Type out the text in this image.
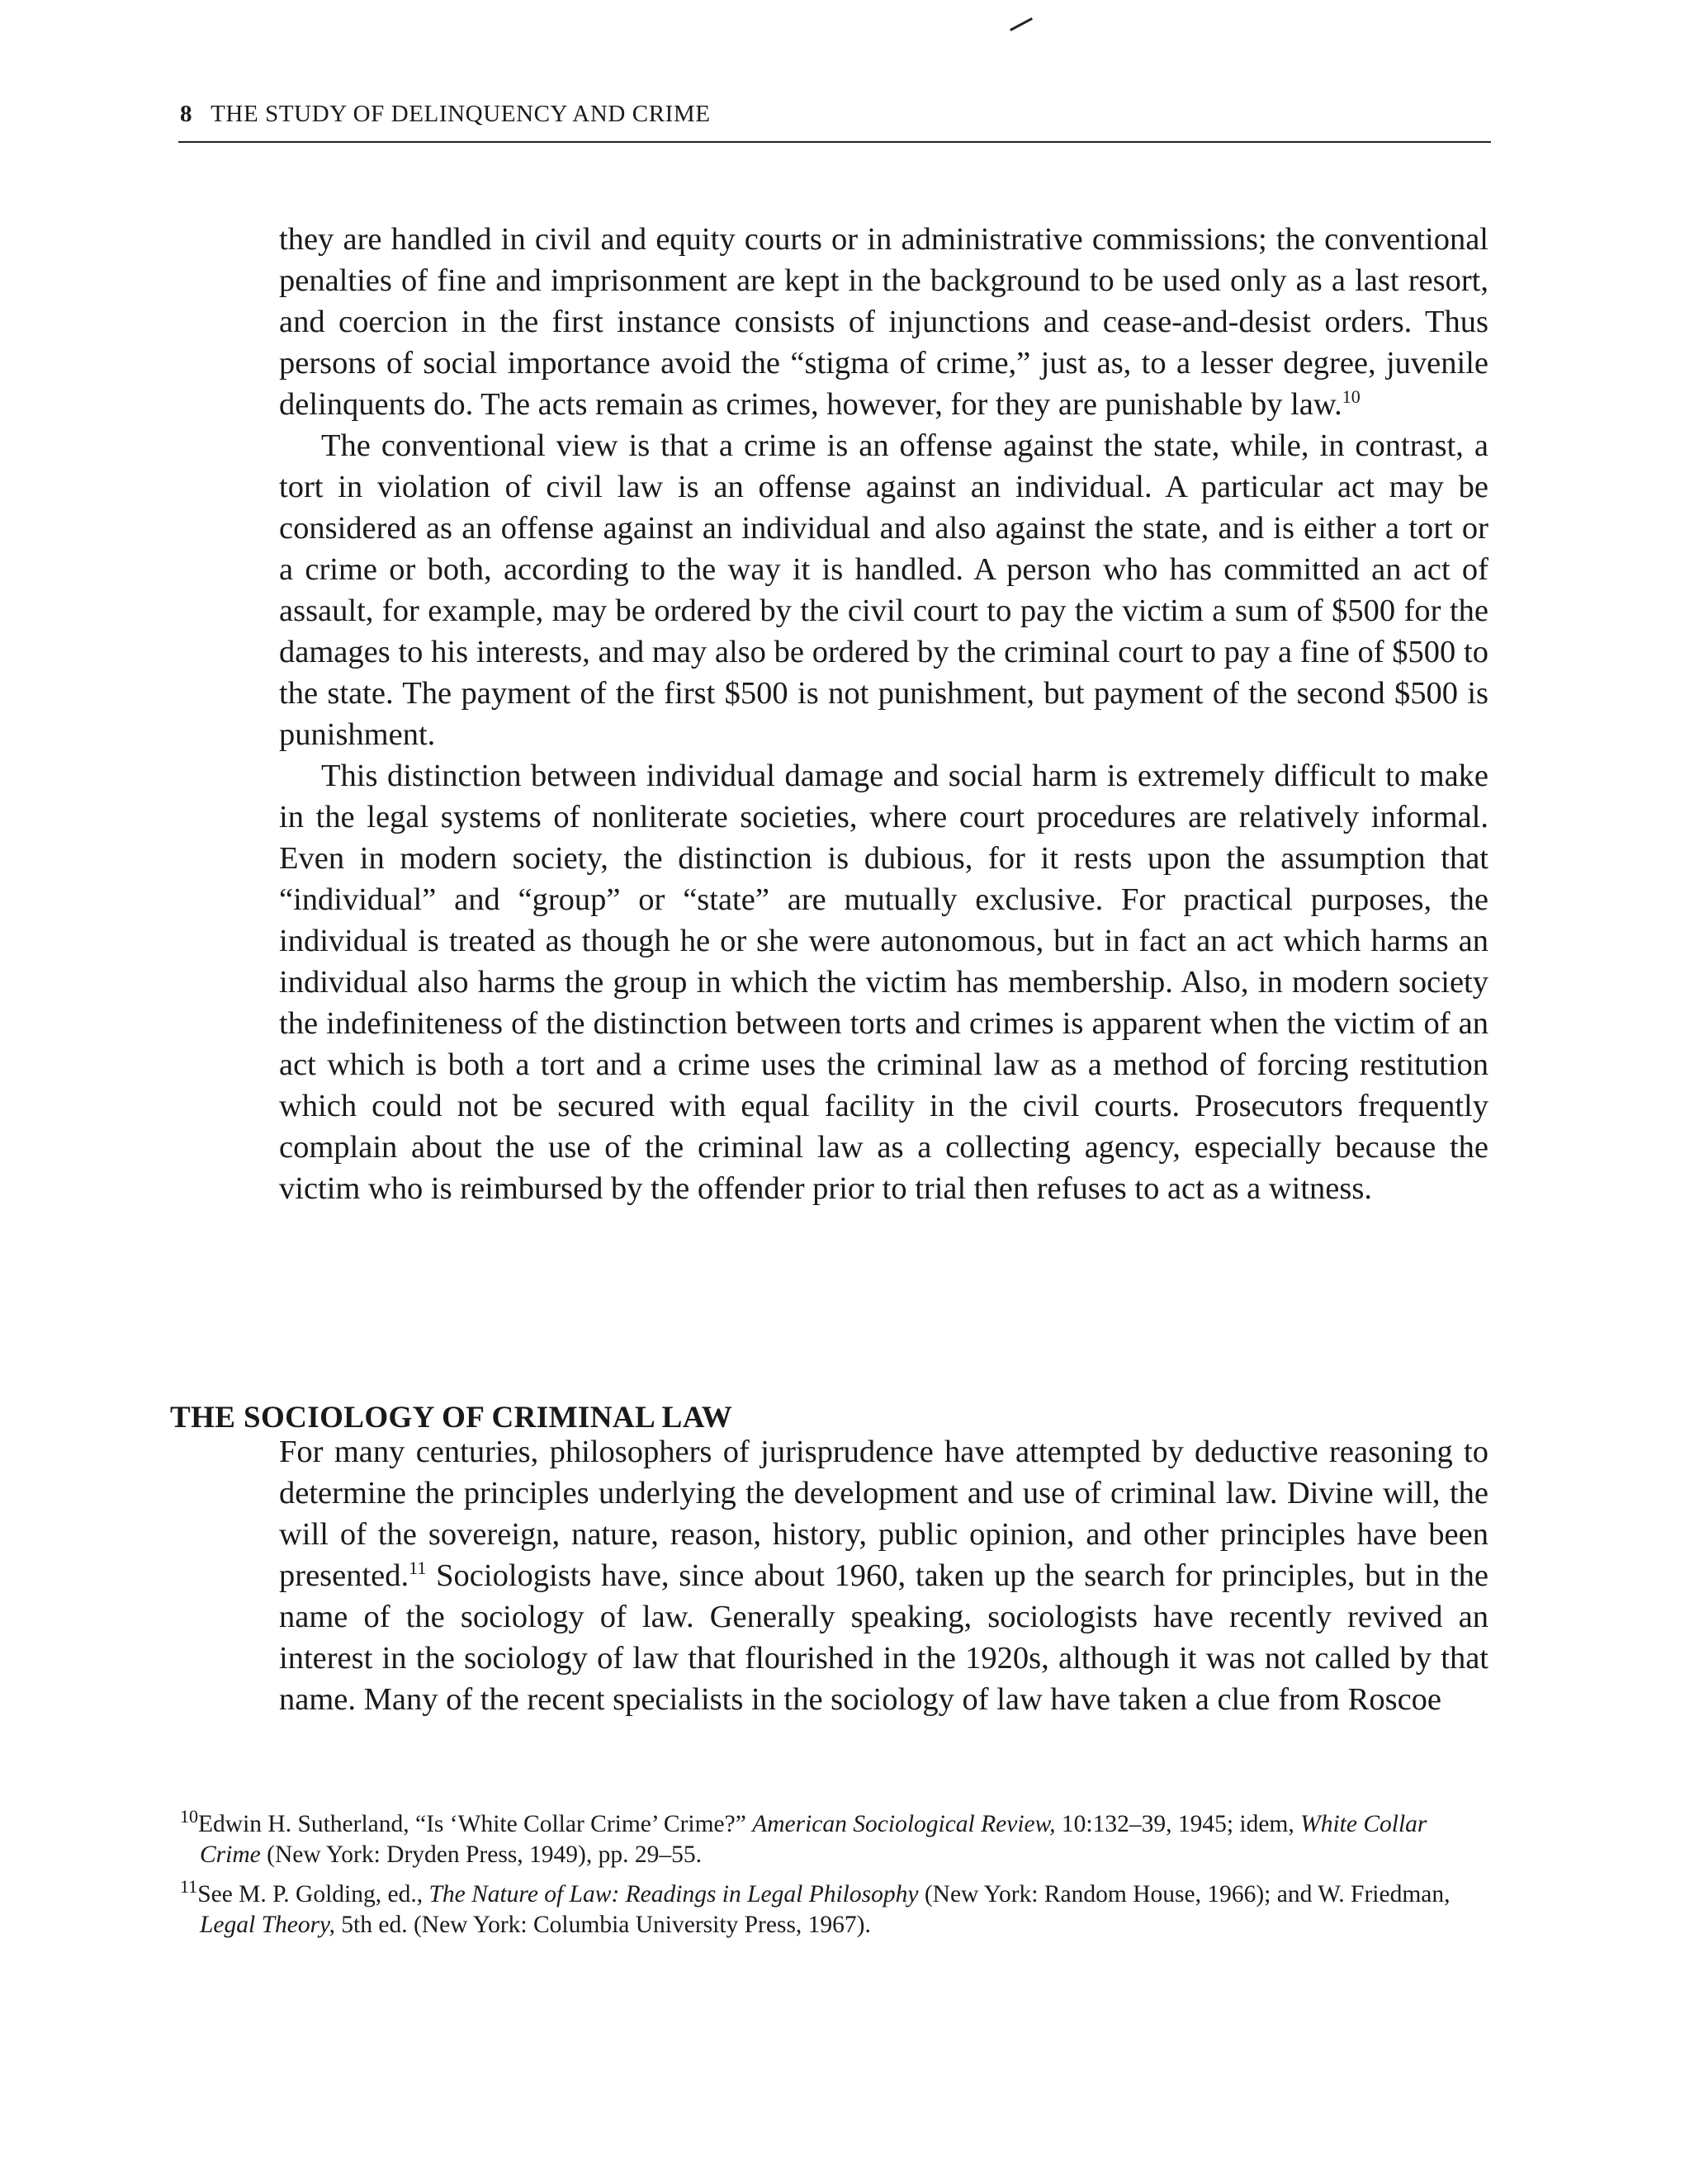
8 THE STUDY OF DELINQUENCY AND CRIME

they are handled in civil and equity courts or in administrative commissions; the conventional penalties of fine and imprisonment are kept in the background to be used only as a last resort, and coercion in the first instance consists of injunctions and cease-and-desist orders. Thus persons of social importance avoid the “stigma of crime,” just as, to a lesser degree, juvenile delinquents do. The acts remain as crimes, however, for they are punishable by law.$^{10}$

The conventional view is that a crime is an offense against the state, while, in contrast, a tort in violation of civil law is an offense against an individual. A particular act may be considered as an offense against an individual and also against the state, and is either a tort or a crime or both, according to the way it is handled. A person who has committed an act of assault, for example, may be ordered by the civil court to pay the victim a sum of $500 for the damages to his interests, and may also be ordered by the criminal court to pay a fine of $500 to the state. The payment of the first $500 is not punishment, but payment of the second $500 is punishment.

This distinction between individual damage and social harm is extremely difficult to make in the legal systems of nonliterate societies, where court procedures are relatively informal. Even in modern society, the distinction is dubious, for it rests upon the assumption that “individual” and “group” or “state” are mutually exclusive. For practical purposes, the individual is treated as though he or she were autonomous, but in fact an act which harms an individual also harms the group in which the victim has membership. Also, in modern society the indefiniteness of the distinction between torts and crimes is apparent when the victim of an act which is both a tort and a crime uses the criminal law as a method of forcing restitution which could not be secured with equal facility in the civil courts. Prosecutors frequently complain about the use of the criminal law as a collecting agency, especially because the victim who is reimbursed by the offender prior to trial then refuses to act as a witness.

THE SOCIOLOGY OF CRIMINAL LAW

For many centuries, philosophers of jurisprudence have attempted by deductive reasoning to determine the principles underlying the development and use of criminal law. Divine will, the will of the sovereign, nature, reason, history, public opinion, and other principles have been presented.$^{11}$ Sociologists have, since about 1960, taken up the search for principles, but in the name of the sociology of law. Generally speaking, sociologists have recently revived an interest in the sociology of law that flourished in the 1920s, although it was not called by that name. Many of the recent specialists in the sociology of law have taken a clue from Roscoe

$^{10}$Edwin H. Sutherland, “Is ‘White Collar Crime’ Crime?” American Sociological Review, 10:132–39, 1945; idem, White Collar Crime (New York: Dryden Press, 1949), pp. 29–55.

$^{11}$See M. P. Golding, ed., The Nature of Law: Readings in Legal Philosophy (New York: Random House, 1966); and W. Friedman, Legal Theory, 5th ed. (New York: Columbia University Press, 1967).
